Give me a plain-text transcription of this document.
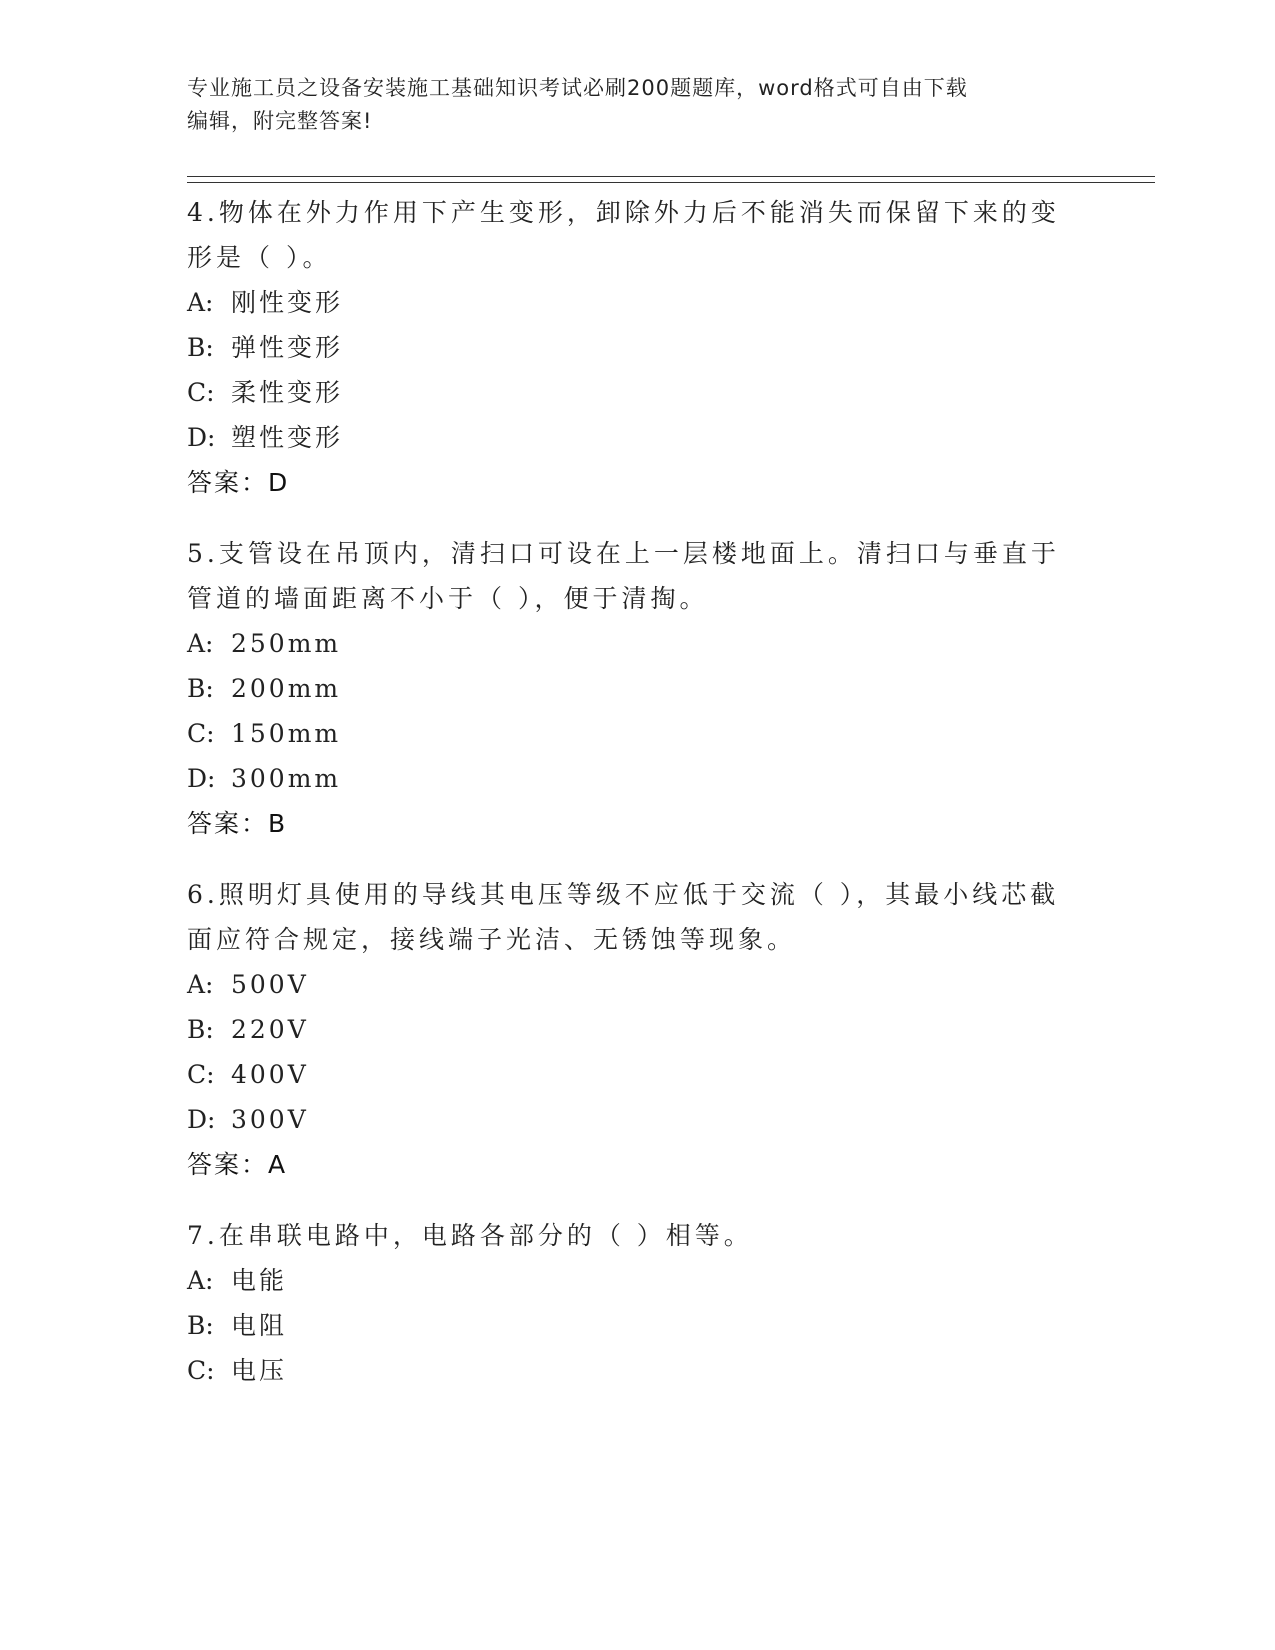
专业施工员之设备安装施工基础知识考试必刷200题题库，word格式可自由下载
编辑，附完整答案!

4.物体在外力作用下产生变形，卸除外力后不能消失而保留下来的变

形是（ ）。

A: 刚性变形

B: 弹性变形

C: 柔性变形

D: 塑性变形

答案：D

5.支管设在吊顶内，清扫口可设在上一层楼地面上。清扫口与垂直于

管道的墙面距离不小于（ ），便于清掏。

A: 250mm

B: 200mm

C: 150mm

D: 300mm

答案：B

6.照明灯具使用的导线其电压等级不应低于交流（ ），其最小线芯截

面应符合规定，接线端子光洁、无锈蚀等现象。

A: 500V

B: 220V

C: 400V

D: 300V

答案：A

7.在串联电路中，电路各部分的（ ）相等。

A: 电能

B: 电阻

C: 电压
